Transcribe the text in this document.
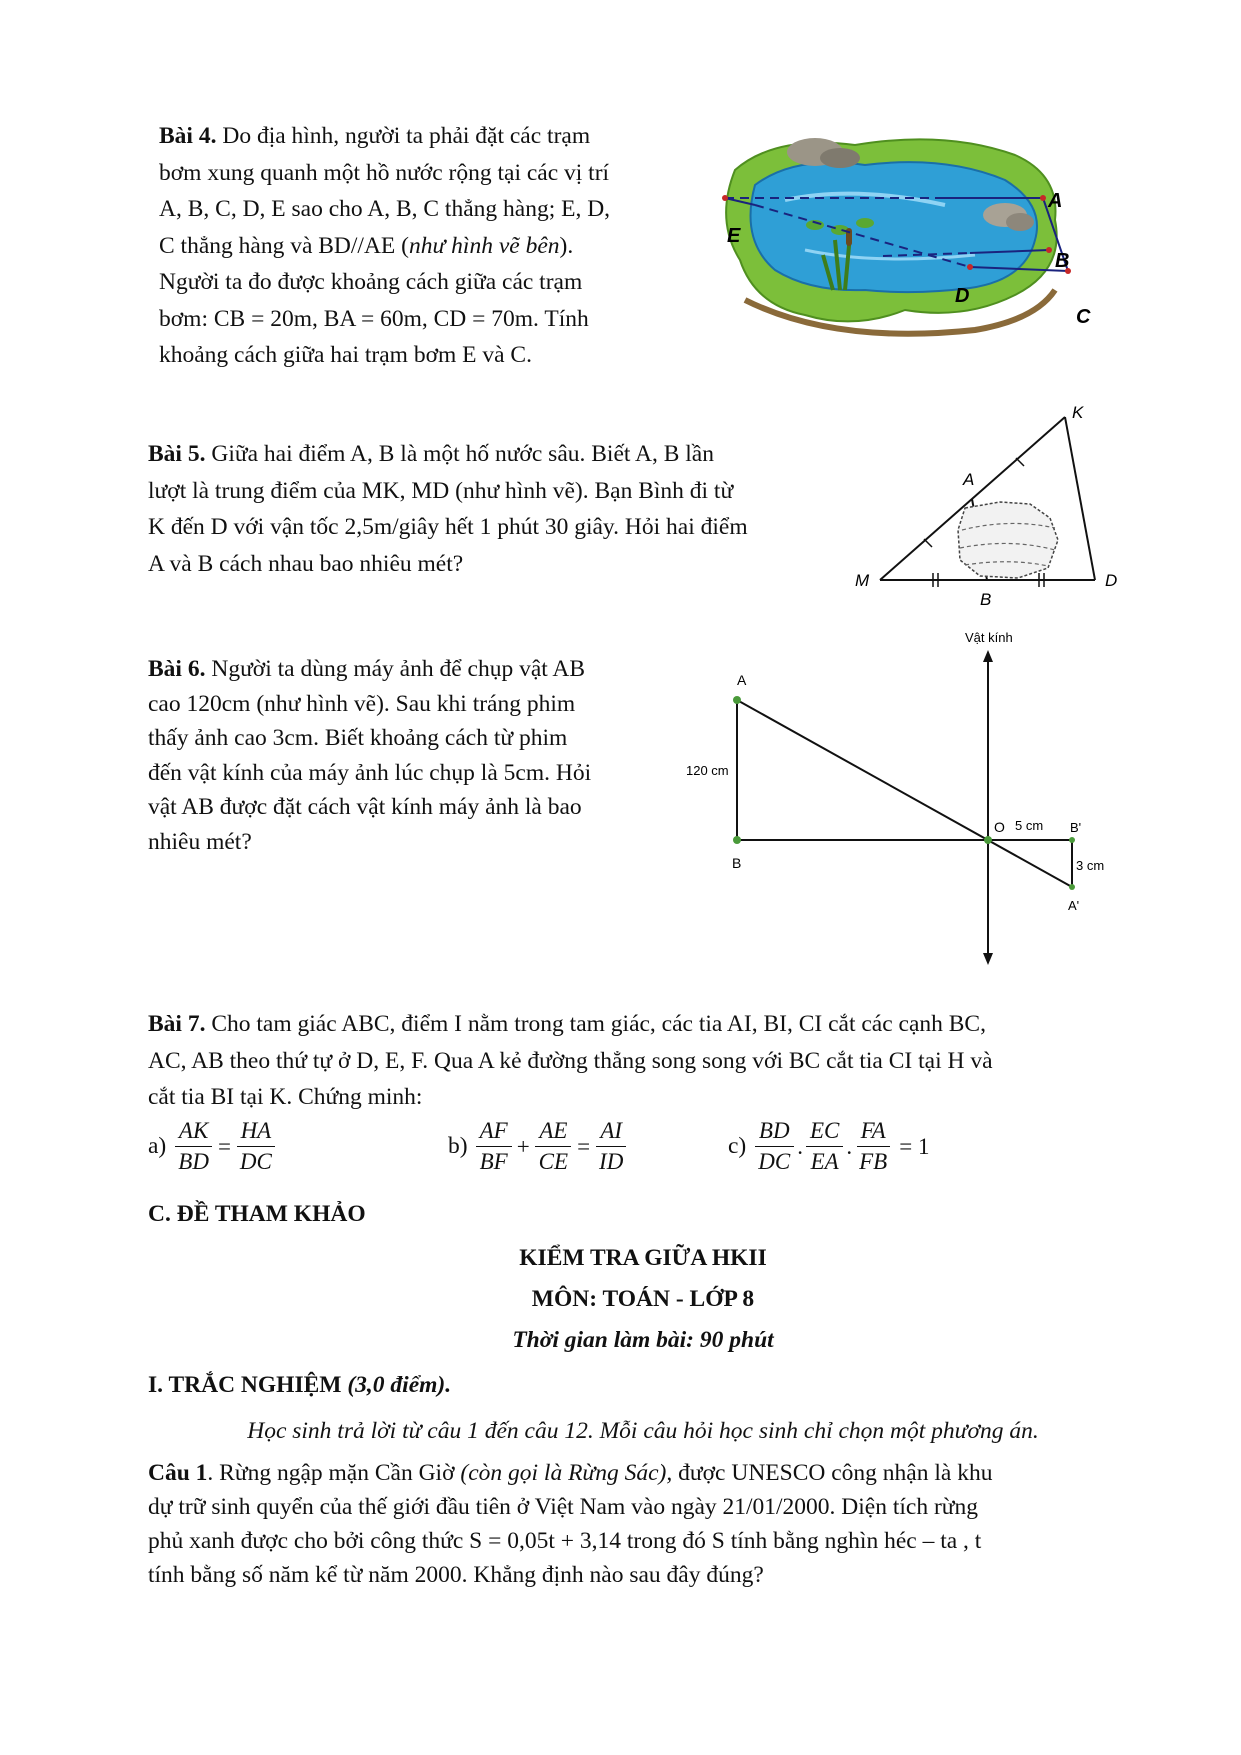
Bài 4. Do địa hình, người ta phải đặt các trạm
bơm xung quanh một hồ nước rộng tại các vị trí
A, B, C, D, E sao cho A, B, C thẳng hàng; E, D,
C thẳng hàng và BD//AE (như hình vẽ bên).
Người ta đo được khoảng cách giữa các trạm
bơm: CB = 20m, BA = 60m, CD = 70m. Tính
khoảng cách giữa hai trạm bơm E và C.
A
B
C
D
E
Bài 5. Giữa hai điểm A, B là một hố nước sâu. Biết A, B lần
lượt là trung điểm của MK, MD (như hình vẽ). Bạn Bình đi từ
K đến D với vận tốc 2,5m/giây hết 1 phút 30 giây. Hỏi hai điểm
A và B cách nhau bao nhiêu mét?
K
A
M
B
D
Bài 6. Người ta dùng máy ảnh để chụp vật AB
cao 120cm (như hình vẽ). Sau khi tráng phim
thấy ảnh cao 3cm. Biết khoảng cách từ phim
đến vật kính của máy ảnh lúc chụp là 5cm. Hỏi
vật AB được đặt cách vật kính máy ảnh là bao
nhiêu mét?
Vật kính
A
120 cm
B
O 5 cm B'
3 cm
A'
Bài 7. Cho tam giác ABC, điểm I nằm trong tam giác, các tia AI, BI, CI cắt các cạnh BC,
AC, AB theo thứ tự ở D, E, F. Qua A kẻ đường thẳng song song với BC cắt tia CI tại H và
cắt tia BI tại K. Chứng minh:
$a) \frac{AK}{BD} = \frac{HA}{DC}$	$b) \frac{AF}{BF} + \frac{AE}{CE} = \frac{AI}{ID}$	$c) \frac{BD}{DC}$ . $\frac{EC}{EA}$ . $\frac{FA}{FB} = 1$
C. ĐỀ THAM KHẢO
KIỂM TRA GIỮA HKII
MÔN: TOÁN - LỚP 8
Thời gian làm bài: 90 phút
I. TRẮC NGHIỆM (3,0 điểm).
Học sinh trả lời từ câu 1 đến câu 12. Mỗi câu hỏi học sinh chỉ chọn một phương án.
Câu 1. Rừng ngập mặn Cần Giờ (còn gọi là Rừng Sác), được UNESCO công nhận là khu
dự trữ sinh quyển của thế giới đầu tiên ở Việt Nam vào ngày 21/01/2000. Diện tích rừng
phủ xanh được cho bởi công thức S = 0,05t + 3,14 trong đó S tính bằng nghìn héc – ta , t
tính bằng số năm kể từ năm 2000. Khẳng định nào sau đây đúng?
